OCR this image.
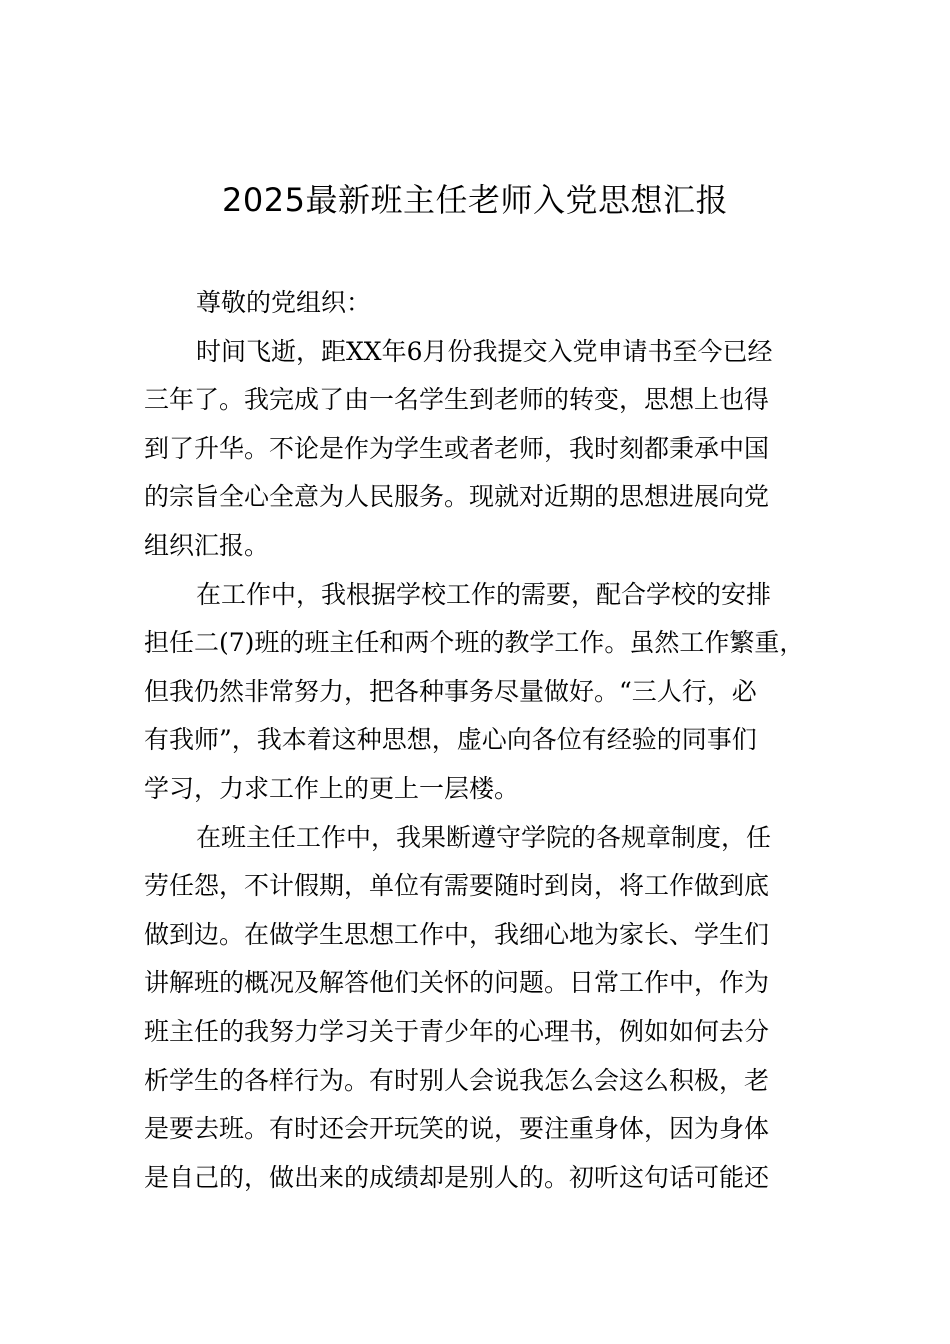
2025最新班主任老师入党思想汇报
尊敬的党组织：
时间飞逝，距XX年6月份我提交入党申请书至今已经
三年了。我完成了由一名学生到老师的转变，思想上也得
到了升华。不论是作为学生或者老师，我时刻都秉承中国
的宗旨全心全意为人民服务。现就对近期的思想进展向党
组织汇报。
在工作中，我根据学校工作的需要，配合学校的安排
担任二(7)班的班主任和两个班的教学工作。虽然工作繁重，
但我仍然非常努力，把各种事务尽量做好。“三人行，必
有我师”，我本着这种思想，虚心向各位有经验的同事们
学习，力求工作上的更上一层楼。
在班主任工作中，我果断遵守学院的各规章制度，任
劳任怨，不计假期，单位有需要随时到岗，将工作做到底
做到边。在做学生思想工作中，我细心地为家长、学生们
讲解班的概况及解答他们关怀的问题。日常工作中，作为
班主任的我努力学习关于青少年的心理书，例如如何去分
析学生的各样行为。有时别人会说我怎么会这么积极，老
是要去班。有时还会开玩笑的说，要注重身体，因为身体
是自己的，做出来的成绩却是别人的。初听这句话可能还
